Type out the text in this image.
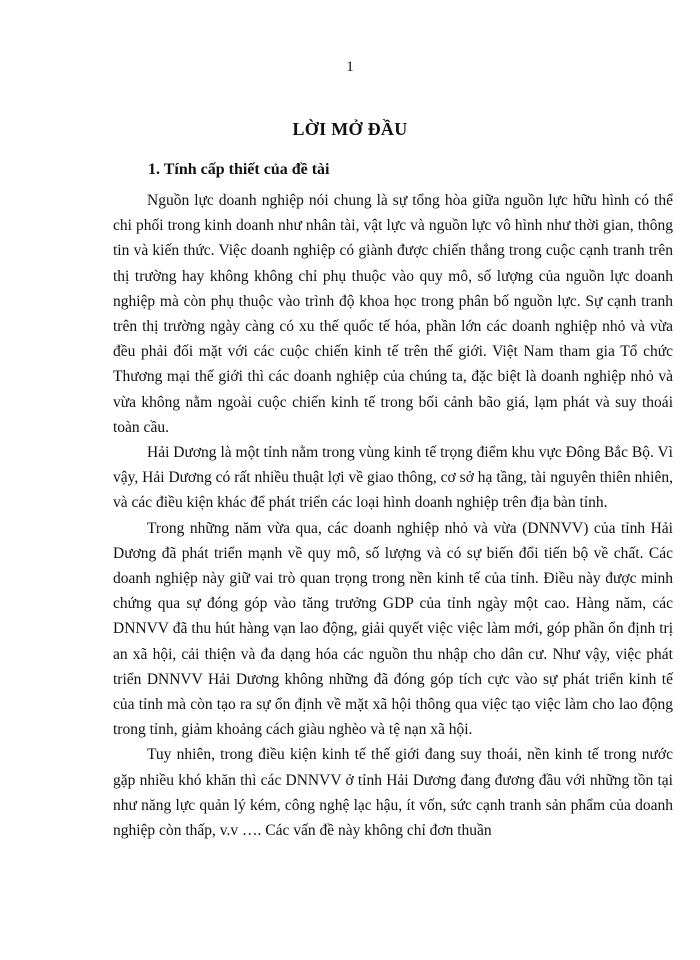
1
LỜI MỞ ĐẦU
1. Tính cấp thiết của đề tài

Nguồn lực doanh nghiệp nói chung là sự tổng hòa giữa nguồn lực hữu hình có thể chi phối trong kinh doanh như nhân tài, vật lực và nguồn lực vô hình như thời gian, thông tin và kiến thức. Việc doanh nghiệp có giành được chiến thắng trong cuộc cạnh tranh trên thị trường hay không không chỉ phụ thuộc vào quy mô, số lượng của nguồn lực doanh nghiệp mà còn phụ thuộc vào trình độ khoa học trong phân bố nguồn lực. Sự cạnh tranh trên thị trường ngày càng có xu thế quốc tế hóa, phần lớn các doanh nghiệp nhỏ và vừa đều phải đối mặt với các cuộc chiến kinh tế trên thế giới. Việt Nam tham gia Tổ chức Thương mại thế giới thì các doanh nghiệp của chúng ta, đặc biệt là doanh nghiệp nhỏ và vừa không nằm ngoài cuộc chiến kinh tế trong bối cảnh bão giá, lạm phát và suy thoái toàn cầu.

Hải Dương là một tỉnh nằm trong vùng kinh tế trọng điểm khu vực Đông Bắc Bộ. Vì vậy, Hải Dương có rất nhiều thuật lợi về giao thông, cơ sở hạ tầng, tài nguyên thiên nhiên, và các điều kiện khác để phát triển các loại hình doanh nghiệp trên địa bàn tỉnh.

Trong những năm vừa qua, các doanh nghiệp nhỏ và vừa (DNNVV) của tỉnh Hải Dương đã phát triển mạnh về quy mô, số lượng và có sự biến đổi tiến bộ về chất. Các doanh nghiệp này giữ vai trò quan trọng trong nền kinh tế của tỉnh. Điều này được minh chứng qua sự đóng góp vào tăng trưởng GDP của tỉnh ngày một cao. Hàng năm, các DNNVV đã thu hút hàng vạn lao động, giải quyết việc việc làm mới, góp phần ổn định trị an xã hội, cải thiện và đa dạng hóa các nguồn thu nhập cho dân cư. Như vậy, việc phát triển DNNVV Hải Dương không những đã đóng góp tích cực vào sự phát triển kinh tế của tỉnh mà còn tạo ra sự ổn định về mặt xã hội thông qua việc tạo việc làm cho lao động trong tỉnh, giảm khoảng cách giàu nghèo và tệ nạn xã hội.

Tuy nhiên, trong điều kiện kinh tế thế giới đang suy thoái, nền kinh tế trong nước gặp nhiều khó khăn thì các DNNVV ở tỉnh Hải Dương đang đương đầu với những tồn tại như năng lực quản lý kém, công nghệ lạc hậu, ít vốn, sức cạnh tranh sản phẩm của doanh nghiệp còn thấp, v.v …. Các vấn đề này không chỉ đơn thuần
